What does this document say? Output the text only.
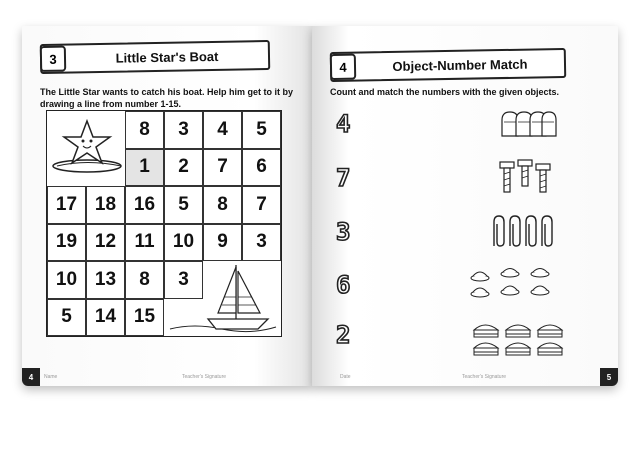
3	Little Star's Boat
The Little Star wants to catch his boat. Help him get to it by drawing a line from number 1-15.
8	3	4	5
1	2	7	6
17 18 16	5	8	7
19 12 11 10	9	3
10 13	8	3
5	14 15
Name	Teacher's Signature
4
4	Object-Number Match
Count and match the numbers with the given objects.
4
7
3
6
2
Date	Teacher's Signature	5
